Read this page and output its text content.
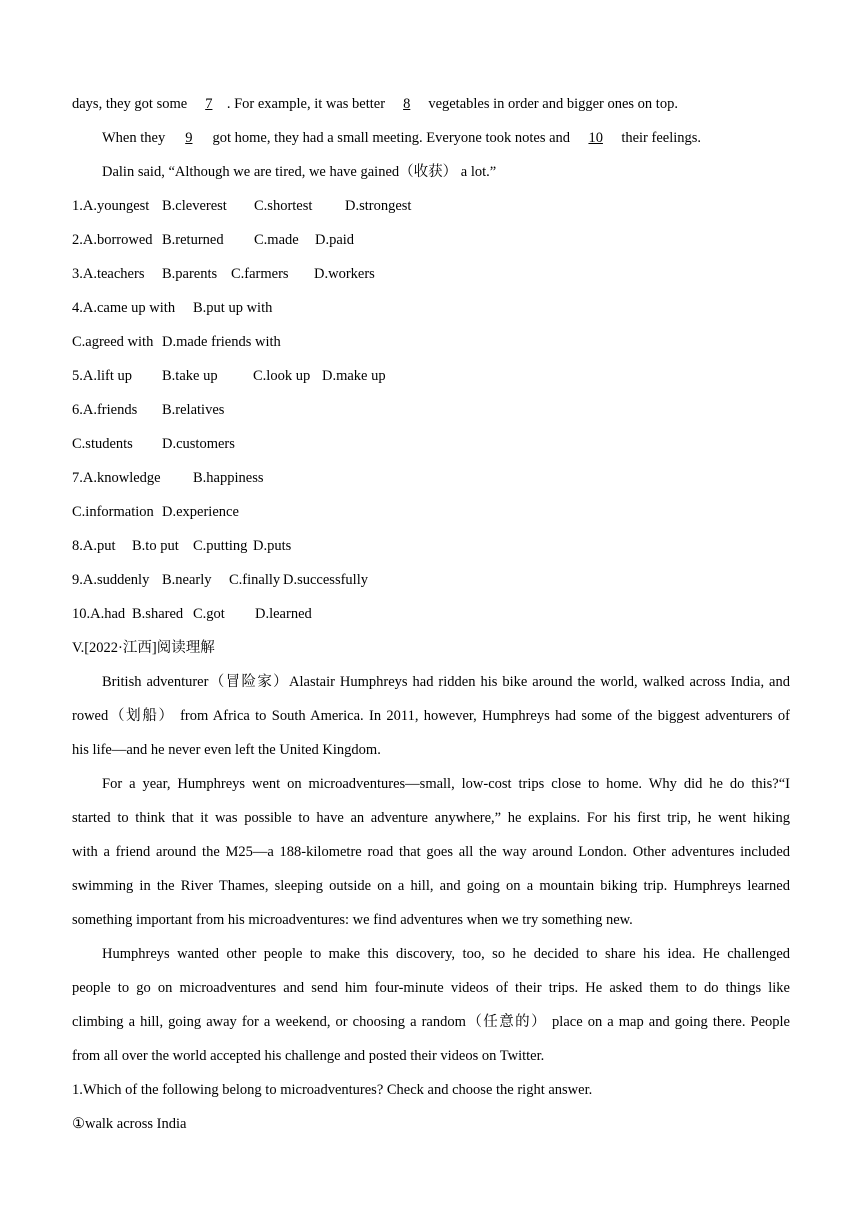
days, they got some 7 . For example, it was better 8 vegetables in order and bigger ones on top.
When they 9 got home, they had a small meeting. Everyone took notes and 10 their feelings.
Dalin said, “Although we are tired, we have gained（收获） a lot.”
1.A.youngest B.cleverest C.shortest D.strongest
2.A.borrowed B.returned C.made D.paid
3.A.teachers B.parents C.farmers D.workers
4.A.came up with B.put up with
C.agreed with D.made friends with
5.A.lift up B.take up C.look up D.make up
6.A.friends B.relatives
C.students D.customers
7.A.knowledge B.happiness
C.information D.experience
8.A.put B.to put C.putting D.puts
9.A.suddenly B.nearly C.finally D.successfully
10.A.had B.shared C.got D.learned
V.[2022·江西]阅读理解
British adventurer（冒险家）Alastair Humphreys had ridden his bike around the world, walked across India, and
rowed（划船） from Africa to South America. In 2011, however, Humphreys had some of the biggest adventurers of
his life—and he never even left the United Kingdom.
For a year, Humphreys went on microadventures—small, low-cost trips close to home. Why did he do this?“I
started to think that it was possible to have an adventure anywhere,” he explains. For his first trip, he went hiking
with a friend around the M25—a 188-kilometre road that goes all the way around London. Other adventures included
swimming in the River Thames, sleeping outside on a hill, and going on a mountain biking trip. Humphreys learned
something important from his microadventures: we find adventures when we try something new.
Humphreys wanted other people to make this discovery, too, so he decided to share his idea. He challenged
people to go on microadventures and send him four-minute videos of their trips. He asked them to do things like
climbing a hill, going away for a weekend, or choosing a random（任意的） place on a map and going there. People
from all over the world accepted his challenge and posted their videos on Twitter.
1.Which of the following belong to microadventures? Check and choose the right answer.
①walk across India
